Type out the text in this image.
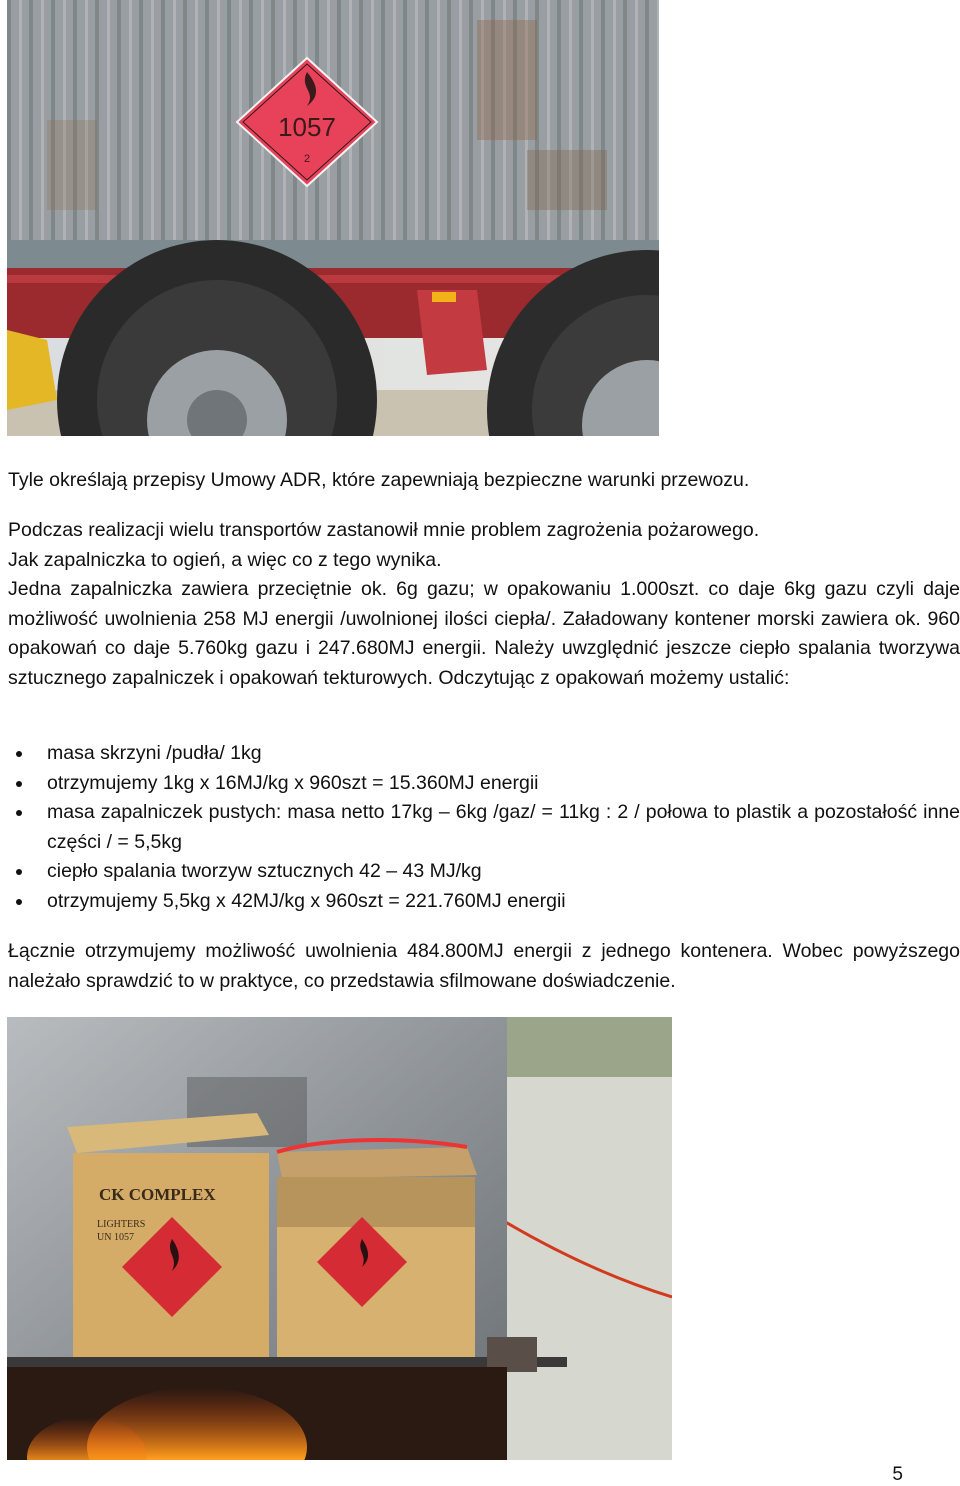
1057
2

Tyle określają przepisy Umowy ADR, które zapewniają bezpieczne warunki przewozu.

Podczas realizacji wielu transportów zastanowił mnie problem zagrożenia pożarowego.

Jak zapalniczka to ogień, a więc co z tego wynika.

Jedna zapalniczka zawiera przeciętnie ok. 6g gazu; w opakowaniu 1.000szt. co daje 6kg gazu czyli daje możliwość uwolnienia 258 MJ energii /uwolnionej ilości ciepła/. Załadowany kontener morski zawiera ok. 960 opakowań co daje 5.760kg gazu i 247.680MJ energii. Należy uwzględnić jeszcze ciepło spalania tworzywa sztucznego zapalniczek i opakowań tekturowych. Odczytując z opakowań możemy ustalić:

masa skrzyni /pudła/ 1kg
otrzymujemy 1kg x 16MJ/kg x 960szt = 15.360MJ energii
masa zapalniczek pustych: masa netto 17kg – 6kg /gaz/ = 11kg : 2 / połowa to plastik a pozostałość inne części / = 5,5kg
ciepło spalania tworzyw sztucznych 42 – 43 MJ/kg
otrzymujemy 5,5kg x 42MJ/kg x 960szt = 221.760MJ energii

Łącznie otrzymujemy możliwość uwolnienia 484.800MJ energii z jednego kontenera. Wobec powyższego należało sprawdzić to w praktyce, co przedstawia sfilmowane doświadczenie.

CK COMPLEX
LIGHTERS
UN 1057
5
